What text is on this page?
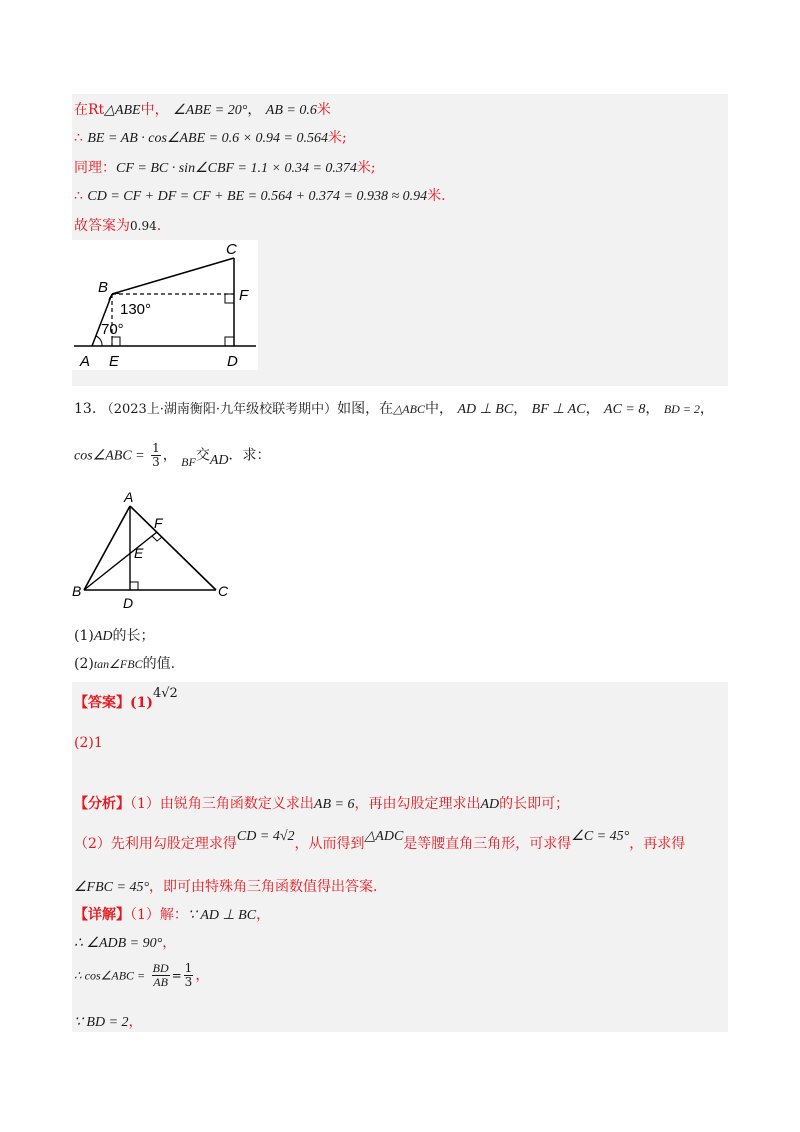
在Rt△ABE中， ∠ABE = 20°， AB = 0.6米
∴ BE = AB · cos∠ABE = 0.6 × 0.94 = 0.564米;
同理：CF = BC · sin∠CBF = 1.1 × 0.34 = 0.374米;
∴ CD = CF + DF = CF + BE = 0.564 + 0.374 = 0.938 ≈ 0.94米.
故答案为0.94.
C
B	F
130°
70°
A E	D
13. （2023上·湖南衡阳·九年级校联考期中）如图，在△ABC中， AD ⊥ BC， BF ⊥ AC， AC = 8， BD = 2，
cos∠ABC = $\frac{1}{3}$ ， BF交AD．求：
A
F
E
B
D
C
(1)AD的长；
(2)tan∠FBC的值.
【答案】(1)4√2
(2)1
【分析】（1）由锐角三角函数定义求出AB = 6，再由勾股定理求出AD的长即可；
（2）先利用勾股定理求得CD = 4√2，从而得到△ADC是等腰直角三角形，可求得∠C = 45°，再求得
∠FBC = 45°，即可由特殊角三角函数值得出答案.
【详解】（1）解：∵ AD ⊥ BC，
∴ ∠ADB = 90°，
∴ cos∠ABC = $\frac{BD}{AB} = \frac{1}{3}$ ，
∵ BD = 2，
